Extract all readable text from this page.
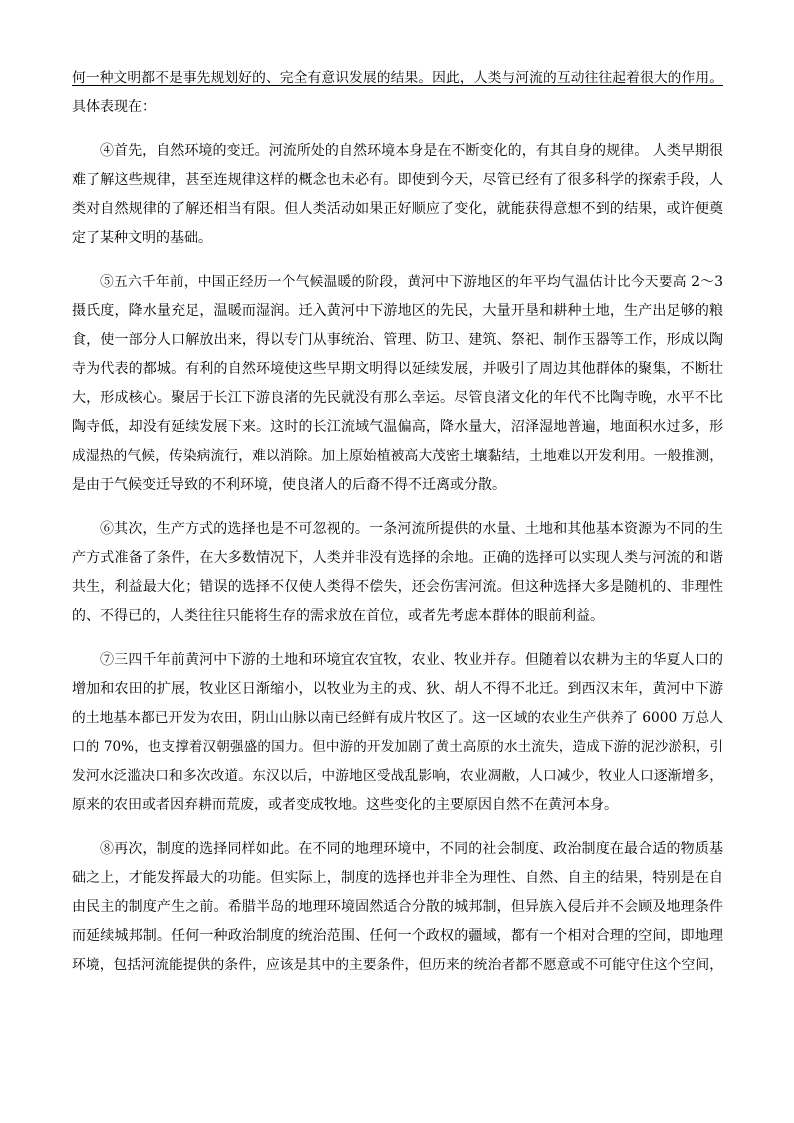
何一种文明都不是事先规划好的、完全有意识发展的结果。因此，人类与河流的互动往往起着很大的作用。
具体表现在：
④首先，自然环境的变迁。河流所处的自然环境本身是在不断变化的，有其自身的规律。 人类早期很
难了解这些规律，甚至连规律这样的概念也未必有。即使到今天，尽管已经有了很多科学的探索手段，人
类对自然规律的了解还相当有限。但人类活动如果正好顺应了变化，就能获得意想不到的结果，或许便奠
定了某种文明的基础。
⑤五六千年前，中国正经历一个气候温暖的阶段，黄河中下游地区的年平均气温估计比今天要高 2～3
摄氏度，降水量充足，温暖而湿润。迁入黄河中下游地区的先民，大量开垦和耕种土地，生产出足够的粮
食，使一部分人口解放出来，得以专门从事统治、管理、防卫、建筑、祭祀、制作玉器等工作，形成以陶
寺为代表的都城。有利的自然环境使这些早期文明得以延续发展，并吸引了周边其他群体的聚集，不断壮
大，形成核心。聚居于长江下游良渚的先民就没有那么幸运。尽管良渚文化的年代不比陶寺晚，水平不比
陶寺低，却没有延续发展下来。这时的长江流域气温偏高，降水量大，沼泽湿地普遍，地面积水过多，形
成湿热的气候，传染病流行，难以消除。加上原始植被高大茂密土壤黏结，土地难以开发利用。一般推测，
是由于气候变迁导致的不利环境，使良渚人的后裔不得不迁离或分散。
⑥其次，生产方式的选择也是不可忽视的。一条河流所提供的水量、土地和其他基本资源为不同的生
产方式准备了条件，在大多数情况下，人类并非没有选择的余地。正确的选择可以实现人类与河流的和谐
共生，利益最大化；错误的选择不仅使人类得不偿失，还会伤害河流。但这种选择大多是随机的、非理性
的、不得已的，人类往往只能将生存的需求放在首位，或者先考虑本群体的眼前利益。
⑦三四千年前黄河中下游的土地和环境宜农宜牧，农业、牧业并存。但随着以农耕为主的华夏人口的
增加和农田的扩展，牧业区日渐缩小，以牧业为主的戎、狄、胡人不得不北迁。到西汉末年，黄河中下游
的土地基本都已开发为农田，阴山山脉以南已经鲜有成片牧区了。这一区域的农业生产供养了 6000 万总人
口的 70%，也支撑着汉朝强盛的国力。但中游的开发加剧了黄土高原的水土流失，造成下游的泥沙淤积，引
发河水泛滥决口和多次改道。东汉以后，中游地区受战乱影响，农业凋敝，人口减少，牧业人口逐渐增多，
原来的农田或者因弃耕而荒废，或者变成牧地。这些变化的主要原因自然不在黄河本身。
⑧再次，制度的选择同样如此。在不同的地理环境中，不同的社会制度、政治制度在最合适的物质基
础之上，才能发挥最大的功能。但实际上，制度的选择也并非全为理性、自然、自主的结果，特别是在自
由民主的制度产生之前。希腊半岛的地理环境固然适合分散的城邦制，但异族入侵后并不会顾及地理条件
而延续城邦制。任何一种政治制度的统治范围、任何一个政权的疆域，都有一个相对合理的空间，即地理
环境，包括河流能提供的条件，应该是其中的主要条件，但历来的统治者都不愿意或不可能守住这个空间，
